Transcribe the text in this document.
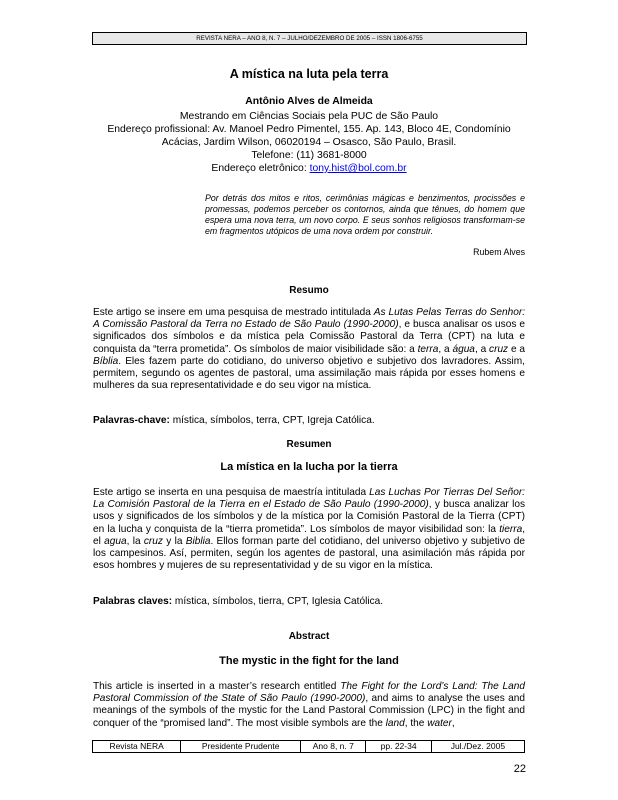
REVISTA NERA – ANO 8, N. 7 – JULHO/DEZEMBRO DE 2005 – ISSN 1806-6755
A mística na luta pela terra
Antônio Alves de Almeida
Mestrando em Ciências Sociais pela PUC de São Paulo
Endereço profissional: Av. Manoel Pedro Pimentel, 155. Ap. 143, Bloco 4E, Condomínio
Acácias, Jardim Wilson, 06020194 – Osasco, São Paulo, Brasil.
Telefone: (11) 3681-8000
Endereço eletrônico: tony.hist@bol.com.br
Por detrás dos mitos e ritos, cerimônias mágicas e benzimentos, procissões e promessas, podemos perceber os contornos, ainda que tênues, do homem que espera uma nova terra, um novo corpo. E seus sonhos religiosos transformam-se em fragmentos utópicos de uma nova ordem por construir.
Rubem Alves
Resumo
Este artigo se insere em uma pesquisa de mestrado intitulada As Lutas Pelas Terras do Senhor: A Comissão Pastoral da Terra no Estado de São Paulo (1990-2000), e busca analisar os usos e significados dos símbolos e da mística pela Comissão Pastoral da Terra (CPT) na luta e conquista da “terra prometida”. Os símbolos de maior visibilidade são: a terra, a água, a cruz e a Bíblia. Eles fazem parte do cotidiano, do universo objetivo e subjetivo dos lavradores. Assim, permitem, segundo os agentes de pastoral, uma assimilação mais rápida por esses homens e mulheres da sua representatividade e do seu vigor na mística.
Palavras-chave: mística, símbolos, terra, CPT, Igreja Católica.
Resumen
La mística en la lucha por la tierra
Este artigo se inserta en una pesquisa de maestría intitulada Las Luchas Por Tierras Del Señor: La Comisión Pastoral de la Tierra en el Estado de São Paulo (1990-2000), y busca analizar los usos y significados de los símbolos y de la mística por la Comisión Pastoral de la Tierra (CPT) en la lucha y conquista de la “tierra prometida”. Los símbolos de mayor visibilidad son: la tierra, el agua, la cruz y la Biblia. Ellos forman parte del cotidiano, del universo objetivo y subjetivo de los campesinos. Así, permiten, según los agentes de pastoral, una asimilación más rápida por esos hombres y mujeres de su representatividad y de su vigor en la mística.
Palabras claves: mística, símbolos, tierra, CPT, Iglesia Católica.
Abstract
The mystic in the fight for the land
This article is inserted in a master’s research entitled The Fight for the Lord’s Land: The Land Pastoral Commission of the State of São Paulo (1990-2000), and aims to analyse the uses and meanings of the symbols of the mystic for the Land Pastoral Commission (LPC) in the fight and conquer of the “promised land”. The most visible symbols are the land, the water,
Revista NERA	Presidente Prudente	Ano 8, n. 7	pp. 22-34	Jul./Dez. 2005
22
